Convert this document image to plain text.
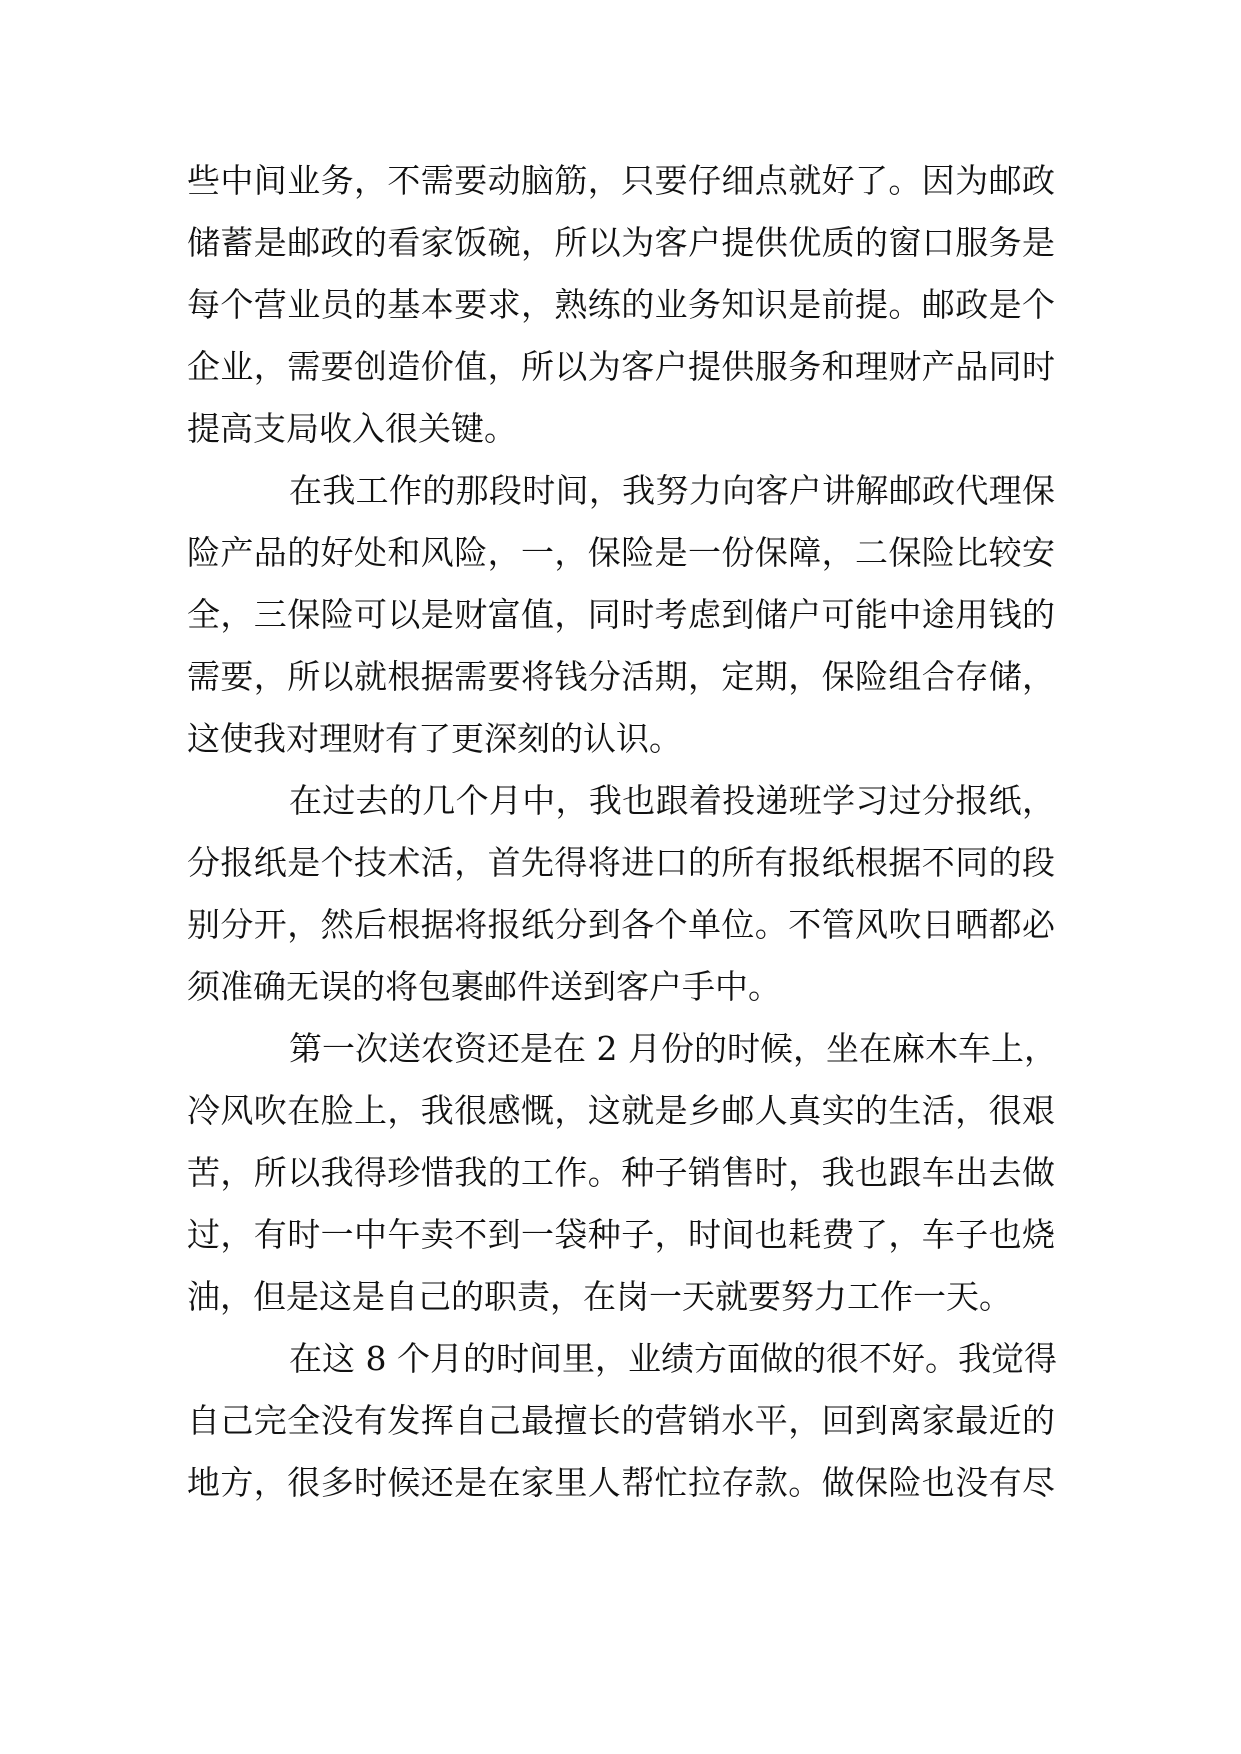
些中间业务，不需要动脑筋，只要仔细点就好了。因为邮政
储蓄是邮政的看家饭碗，所以为客户提供优质的窗口服务是
每个营业员的基本要求，熟练的业务知识是前提。邮政是个
企业，需要创造价值，所以为客户提供服务和理财产品同时
提高支局收入很关键。
在我工作的那段时间，我努力向客户讲解邮政代理保
险产品的好处和风险，一，保险是一份保障，二保险比较安
全，三保险可以是财富值，同时考虑到储户可能中途用钱的
需要，所以就根据需要将钱分活期，定期，保险组合存储，
这使我对理财有了更深刻的认识。
在过去的几个月中，我也跟着投递班学习过分报纸，
分报纸是个技术活，首先得将进口的所有报纸根据不同的段
别分开，然后根据将报纸分到各个单位。不管风吹日晒都必
须准确无误的将包裹邮件送到客户手中。
第一次送农资还是在 2 月份的时候，坐在麻木车上，
冷风吹在脸上，我很感慨，这就是乡邮人真实的生活，很艰
苦，所以我得珍惜我的工作。种子销售时，我也跟车出去做
过，有时一中午卖不到一袋种子，时间也耗费了，车子也烧
油，但是这是自己的职责，在岗一天就要努力工作一天。
在这 8 个月的时间里，业绩方面做的很不好。我觉得
自己完全没有发挥自己最擅长的营销水平，回到离家最近的
地方，很多时候还是在家里人帮忙拉存款。做保险也没有尽
